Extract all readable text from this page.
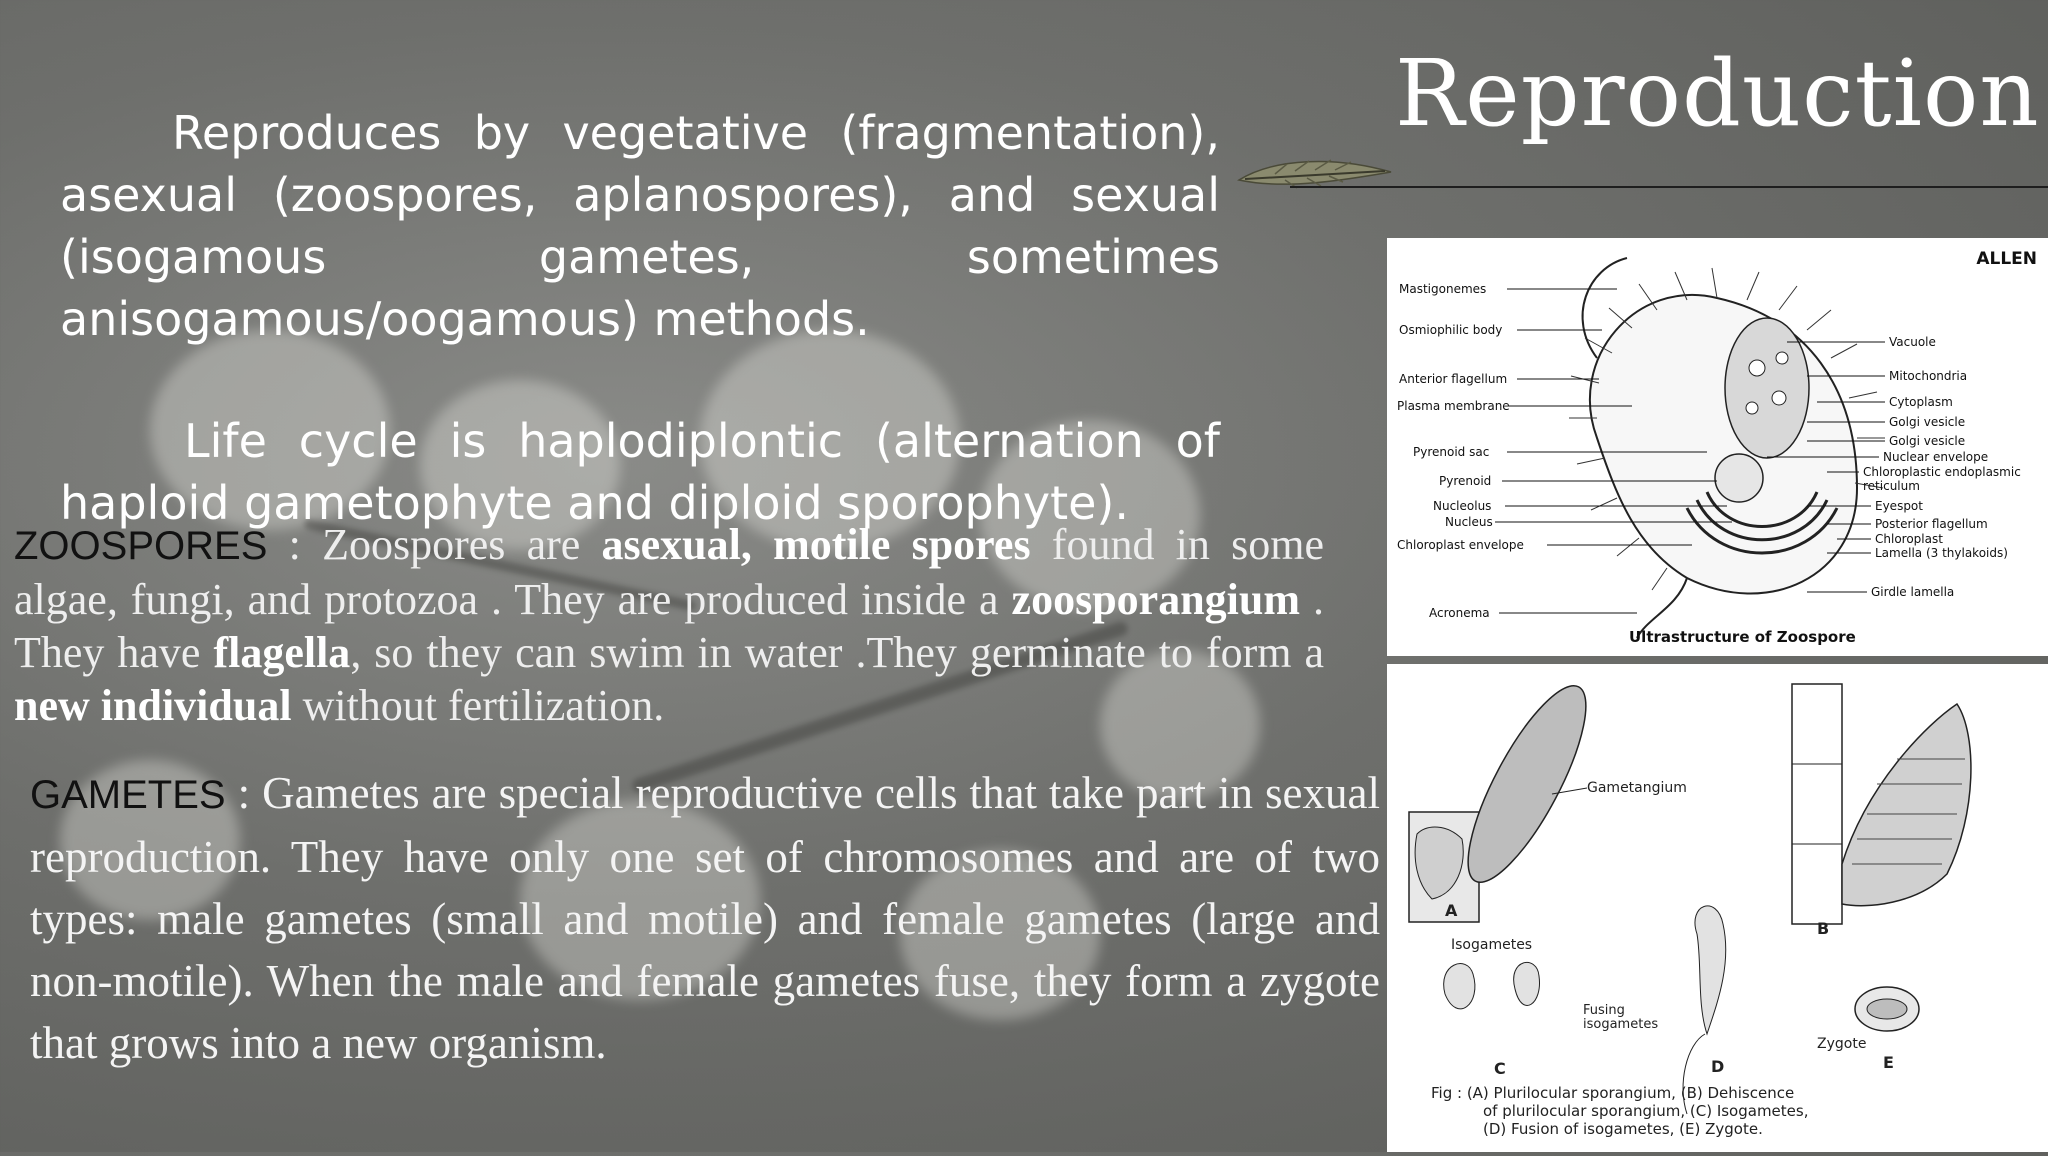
Reproduction
Reproduces by vegetative (fragmentation), asexual (zoospores, aplanospores), and sexual (isogamous gametes, sometimes anisogamous/oogamous) methods.
Life cycle is haplodiplontic (alternation of haploid gametophyte and diploid sporophyte).
ZOOSPORES : Zoospores are asexual, motile spores found in some algae, fungi, and protozoa . They are produced inside a zoosporangium . They have flagella, so they can swim in water .They germinate to form a new individual without fertilization.
GAMETES : Gametes are special reproductive cells that take part in sexual reproduction. They have only one set of chromosomes and are of two types: male gametes (small and motile) and female gametes (large and non-motile). When the male and female gametes fuse, they form a zygote that grows into a new organism.
ALLEN
Mastigonemes
Osmiophilic body
Anterior flagellum
Plasma membrane
Pyrenoid sac
Pyrenoid
Nucleolus
Nucleus
Chloroplast envelope
Acronema
Vacuole
Mitochondria
Cytoplasm
Golgi vesicle
Golgi vesicle
Nuclear envelope
Chloroplastic endoplasmic
reticulum
Eyespot
Posterior flagellum
Chloroplast
Lamella (3 thylakoids)
Girdle lamella
Ultrastructure of Zoospore
Gametangium
A
B
Isogametes
C
Fusing
isogametes
D
Zygote
E
Fig : (A) Plurilocular sporangium, (B) Dehiscence
of plurilocular sporangium, (C) Isogametes,
(D) Fusion of isogametes, (E) Zygote.
